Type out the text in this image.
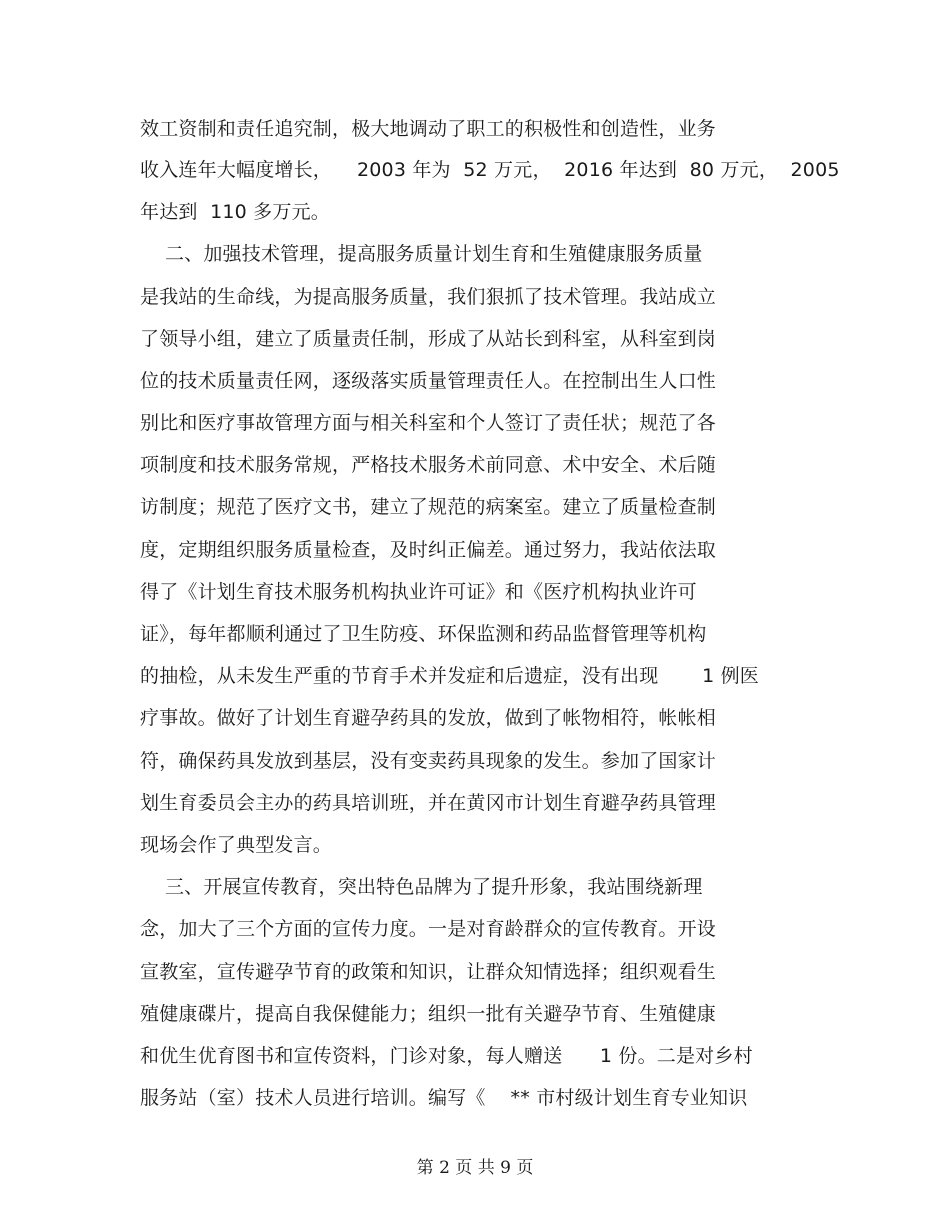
效工资制和责任追究制，极大地调动了职工的积极性和创造性，业务
收入连年大幅度增长，    2003 年为  52 万元，  2016 年达到  80 万元，  2005
年达到  110 多万元。
二、加强技术管理，提高服务质量计划生育和生殖健康服务质量
是我站的生命线，为提高服务质量，我们狠抓了技术管理。我站成立
了领导小组，建立了质量责任制，形成了从站长到科室，从科室到岗
位的技术质量责任网，逐级落实质量管理责任人。在控制出生人口性
别比和医疗事故管理方面与相关科室和个人签订了责任状；规范了各
项制度和技术服务常规，严格技术服务术前同意、术中安全、术后随
访制度；规范了医疗文书，建立了规范的病案室。建立了质量检查制
度，定期组织服务质量检查，及时纠正偏差。通过努力，我站依法取
得了《计划生育技术服务机构执业许可证》和《医疗机构执业许可
证》，每年都顺利通过了卫生防疫、环保监测和药品监督管理等机构
的抽检，从未发生严重的节育手术并发症和后遗症，没有出现       1 例医
疗事故。做好了计划生育避孕药具的发放，做到了帐物相符，帐帐相
符，确保药具发放到基层，没有变卖药具现象的发生。参加了国家计
划生育委员会主办的药具培训班，并在黄冈市计划生育避孕药具管理
现场会作了典型发言。
三、开展宣传教育，突出特色品牌为了提升形象，我站围绕新理
念，加大了三个方面的宣传力度。一是对育龄群众的宣传教育。开设
宣教室，宣传避孕节育的政策和知识，让群众知情选择；组织观看生
殖健康碟片，提高自我保健能力；组织一批有关避孕节育、生殖健康
和优生优育图书和宣传资料，门诊对象，每人赠送      1 份。二是对乡村
服务站（室）技术人员进行培训。编写《    ** 市村级计划生育专业知识
第 2 页 共 9 页
